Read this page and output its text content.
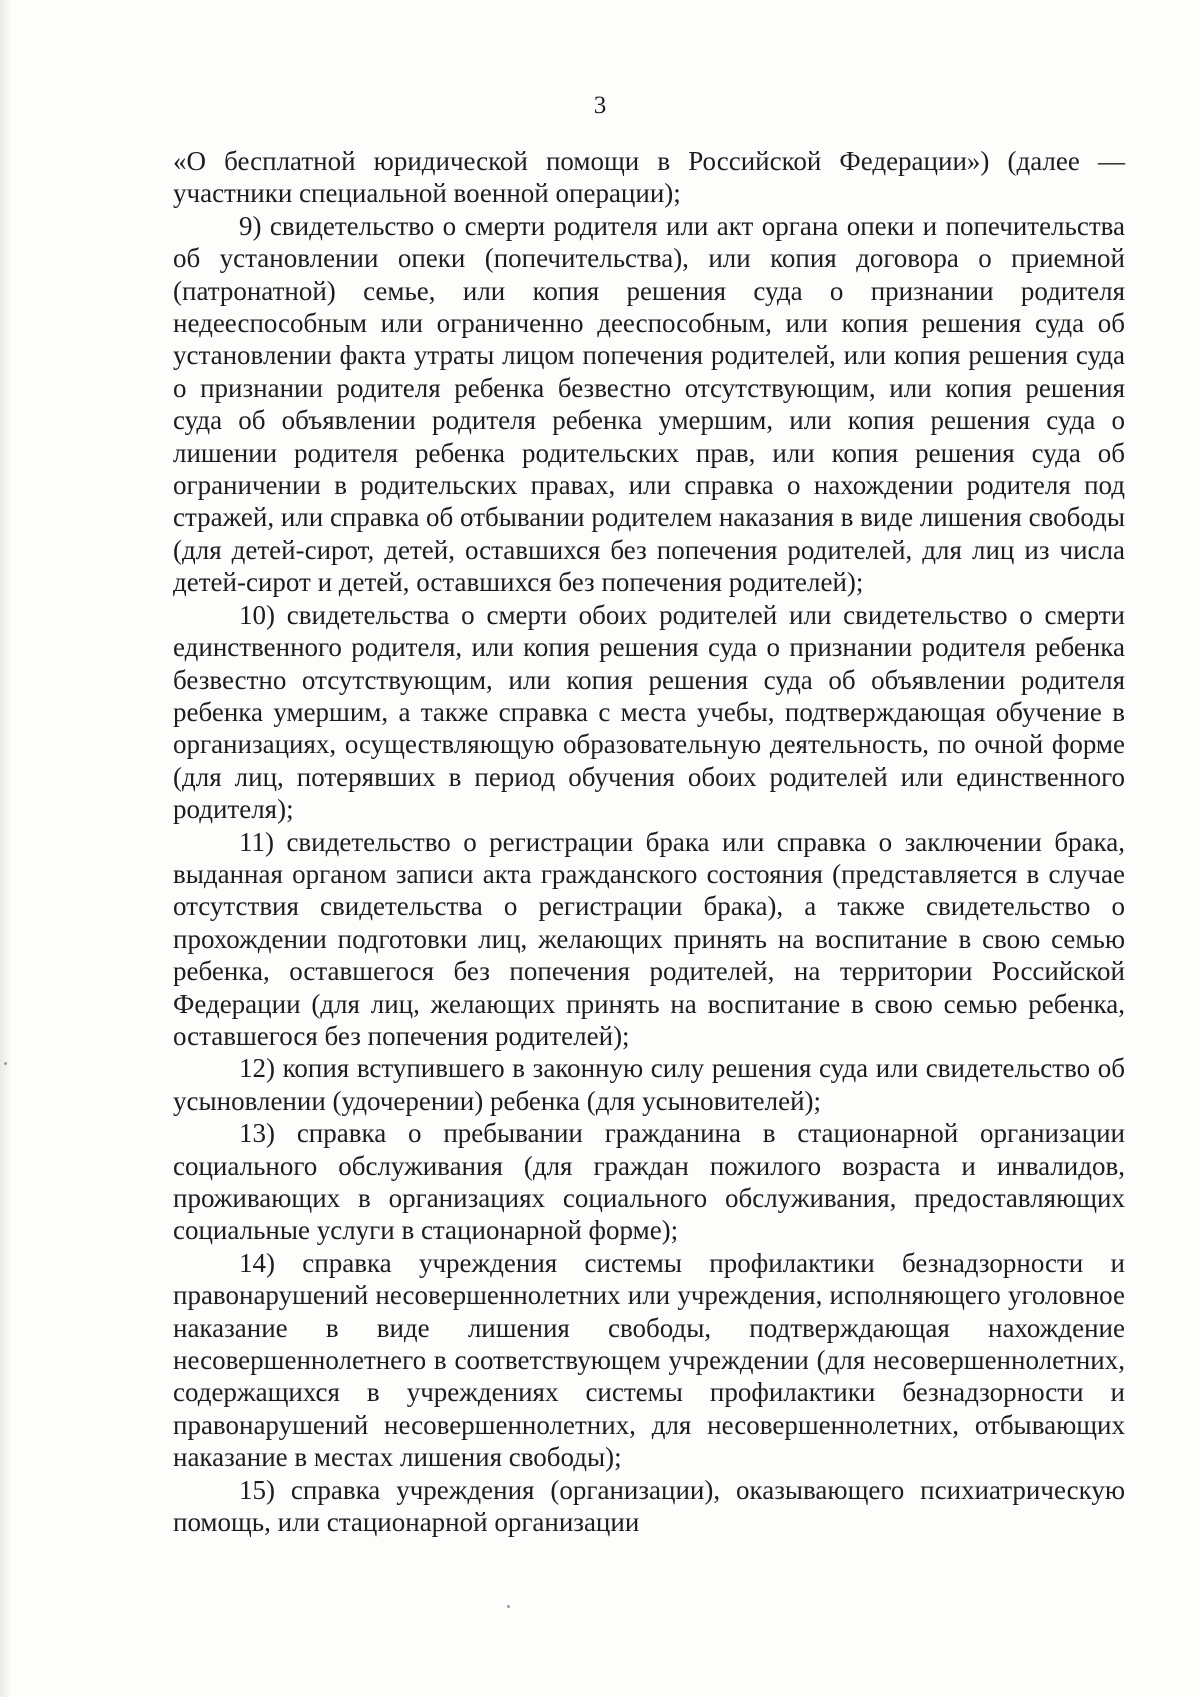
3

«О бесплатной юридической помощи в Российской Федерации») (далее — участники специальной военной операции);

9) свидетельство о смерти родителя или акт органа опеки и попечительства об установлении опеки (попечительства), или копия договора о приемной (патронатной) семье, или копия решения суда о признании родителя недееспособным или ограниченно дееспособным, или копия решения суда об установлении факта утраты лицом попечения родителей, или копия решения суда о признании родителя ребенка безвестно отсутствующим, или копия решения суда об объявлении родителя ребенка умершим, или копия решения суда о лишении родителя ребенка родительских прав, или копия решения суда об ограничении в родительских правах, или справка о нахождении родителя под стражей, или справка об отбывании родителем наказания в виде лишения свободы (для детей-сирот, детей, оставшихся без попечения родителей, для лиц из числа детей-сирот и детей, оставшихся без попечения родителей);

10) свидетельства о смерти обоих родителей или свидетельство о смерти единственного родителя, или копия решения суда о признании родителя ребенка безвестно отсутствующим, или копия решения суда об объявлении родителя ребенка умершим, а также справка с места учебы, подтверждающая обучение в организациях, осуществляющую образовательную деятельность, по очной форме (для лиц, потерявших в период обучения обоих родителей или единственного родителя);

11) свидетельство о регистрации брака или справка о заключении брака, выданная органом записи акта гражданского состояния (представляется в случае отсутствия свидетельства о регистрации брака), а также свидетельство о прохождении подготовки лиц, желающих принять на воспитание в свою семью ребенка, оставшегося без попечения родителей, на территории Российской Федерации (для лиц, желающих принять на воспитание в свою семью ребенка, оставшегося без попечения родителей);

12) копия вступившего в законную силу решения суда или свидетельство об усыновлении (удочерении) ребенка (для усыновителей);

13) справка о пребывании гражданина в стационарной организации социального обслуживания (для граждан пожилого возраста и инвалидов, проживающих в организациях социального обслуживания, предоставляющих социальные услуги в стационарной форме);

14) справка учреждения системы профилактики безнадзорности и правонарушений несовершеннолетних или учреждения, исполняющего уголовное наказание в виде лишения свободы, подтверждающая нахождение несовершеннолетнего в соответствующем учреждении (для несовершеннолетних, содержащихся в учреждениях системы профилактики безнадзорности и правонарушений несовершеннолетних, для несовершеннолетних, отбывающих наказание в местах лишения свободы);

15) справка учреждения (организации), оказывающего психиатрическую помощь, или стационарной организации
